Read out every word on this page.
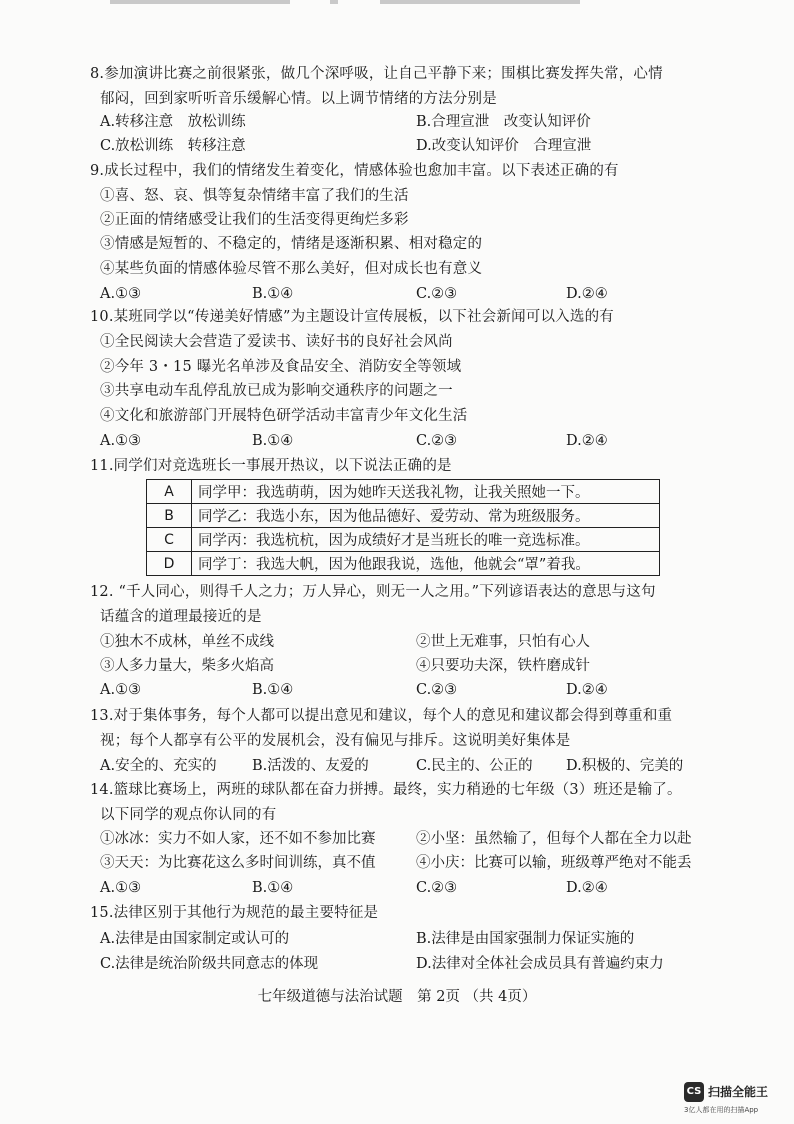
8.参加演讲比赛之前很紧张，做几个深呼吸，让自己平静下来；围棋比赛发挥失常，心情
郁闷，回到家听听音乐缓解心情。以上调节情绪的方法分别是
A.转移注意　放松训练	B.合理宣泄　改变认知评价
C.放松训练　转移注意	D.改变认知评价　合理宣泄
9.成长过程中，我们的情绪发生着变化，情感体验也愈加丰富。以下表述正确的有
①喜、怒、哀、惧等复杂情绪丰富了我们的生活
②正面的情绪感受让我们的生活变得更绚烂多彩
③情感是短暂的、不稳定的，情绪是逐渐积累、相对稳定的
④某些负面的情感体验尽管不那么美好，但对成长也有意义
A.①③	B.①④	C.②③	D.②④
10.某班同学以“传递美好情感”为主题设计宣传展板，以下社会新闻可以入选的有
①全民阅读大会营造了爱读书、读好书的良好社会风尚
②今年 3・15 曝光名单涉及食品安全、消防安全等领域
③共享电动车乱停乱放已成为影响交通秩序的问题之一
④文化和旅游部门开展特色研学活动丰富青少年文化生活
A.①③	B.①④	C.②③	D.②④
11.同学们对竞选班长一事展开热议，以下说法正确的是
A	同学甲：我选萌萌，因为她昨天送我礼物，让我关照她一下。
B	同学乙：我选小东，因为他品德好、爱劳动、常为班级服务。
C	同学丙：我选杭杭，因为成绩好才是当班长的唯一竞选标准。
D	同学丁：我选大帆，因为他跟我说，选他，他就会“罩”着我。
12. “千人同心，则得千人之力；万人异心，则无一人之用。”下列谚语表达的意思与这句
话蕴含的道理最接近的是
①独木不成林，单丝不成线	②世上无难事，只怕有心人
③人多力量大，柴多火焰高	④只要功夫深，铁杵磨成针
A.①③	B.①④	C.②③	D.②④
13.对于集体事务，每个人都可以提出意见和建议，每个人的意见和建议都会得到尊重和重
视；每个人都享有公平的发展机会，没有偏见与排斥。这说明美好集体是
A.安全的、充实的 B.活泼的、友爱的	C.民主的、公正的 D.积极的、完美的
14.篮球比赛场上，两班的球队都在奋力拼搏。最终，实力稍逊的七年级（3）班还是输了。
以下同学的观点你认同的有
①冰冰：实力不如人家，还不如不参加比赛	②小坚：虽然输了，但每个人都在全力以赴
③天天：为比赛花这么多时间训练，真不值	④小庆：比赛可以输，班级尊严绝对不能丢
A.①③	B.①④	C.②③	D.②④
15.法律区别于其他行为规范的最主要特征是
A.法律是由国家制定或认可的	B.法律是由国家强制力保证实施的
C.法律是统治阶级共同意志的体现	D.法律对全体社会成员具有普遍约束力
七年级道德与法治试题　第 2页 （共 4页）
CS 扫描全能王
3亿人都在用的扫描App
